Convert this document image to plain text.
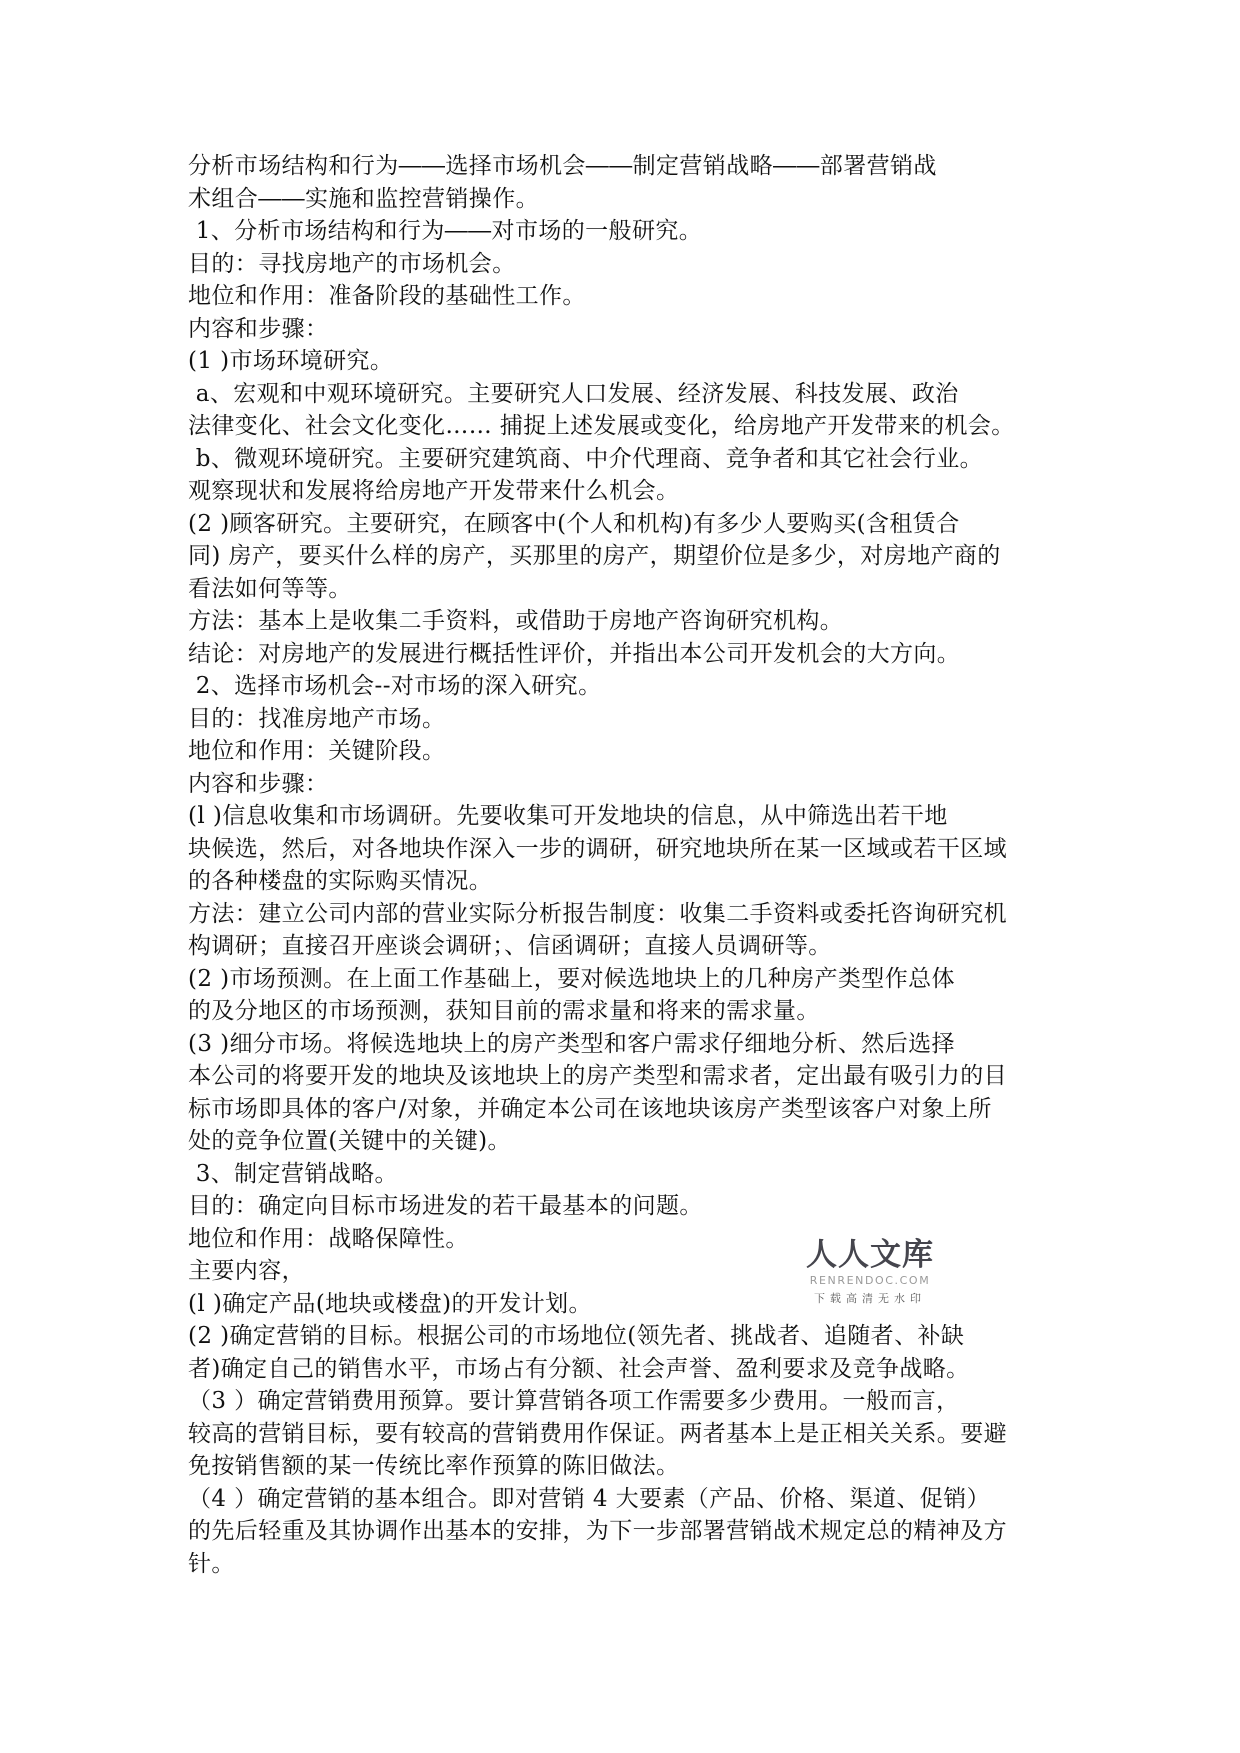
分析市场结构和行为――选择市场机会――制定营销战略――部署营销战
术组合――实施和监控营销操作。
1、分析市场结构和行为――对市场的一般研究。
目的：寻找房地产的市场机会。
地位和作用：准备阶段的基础性工作。
内容和步骤：
(1 )市场环境研究。
a、宏观和中观环境研究。主要研究人口发展、经济发展、科技发展、政治
法律变化、社会文化变化…… 捕捉上述发展或变化，给房地产开发带来的机会。
b、微观环境研究。主要研究建筑商、中介代理商、竞争者和其它社会行业。
观察现状和发展将给房地产开发带来什么机会。
(2 )顾客研究。主要研究，在顾客中(个人和机构)有多少人要购买(含租赁合
同) 房产，要买什么样的房产，买那里的房产，期望价位是多少，对房地产商的
看法如何等等。
方法：基本上是收集二手资料，或借助于房地产咨询研究机构。
结论：对房地产的发展进行概括性评价，并指出本公司开发机会的大方向。
2、选择市场机会--对市场的深入研究。
目的：找准房地产市场。
地位和作用：关键阶段。
内容和步骤：
(l )信息收集和市场调研。先要收集可开发地块的信息，从中筛选出若干地
块候选，然后，对各地块作深入一步的调研，研究地块所在某一区域或若干区域
的各种楼盘的实际购买情况。
方法：建立公司内部的营业实际分析报告制度：收集二手资料或委托咨询研究机
构调研；直接召开座谈会调研；、信函调研；直接人员调研等。
(2 )市场预测。在上面工作基础上，要对候选地块上的几种房产类型作总体
的及分地区的市场预测，获知目前的需求量和将来的需求量。
(3 )细分市场。将候选地块上的房产类型和客户需求仔细地分析、然后选择
本公司的将要开发的地块及该地块上的房产类型和需求者，定出最有吸引力的目
标市场即具体的客户/对象，并确定本公司在该地块该房产类型该客户对象上所
处的竞争位置(关键中的关键)。
3、制定营销战略。
目的：确定向目标市场进发的若干最基本的问题。
地位和作用：战略保障性。
主要内容，
(l )确定产品(地块或楼盘)的开发计划。
(2 )确定营销的目标。根据公司的市场地位(领先者、挑战者、追随者、补缺
者)确定自己的销售水平，市场占有分额、社会声誉、盈利要求及竞争战略。
（3 ）确定营销费用预算。要计算营销各项工作需要多少费用。一般而言，
较高的营销目标，要有较高的营销费用作保证。两者基本上是正相关关系。要避
免按销售额的某一传统比率作预算的陈旧做法。
（4 ）确定营销的基本组合。即对营销 4 大要素（产品、价格、渠道、促销）
的先后轻重及其协调作出基本的安排，为下一步部署营销战术规定总的精神及方
针。
人人文库
RENRENDOC.COM
下载高清无水印
